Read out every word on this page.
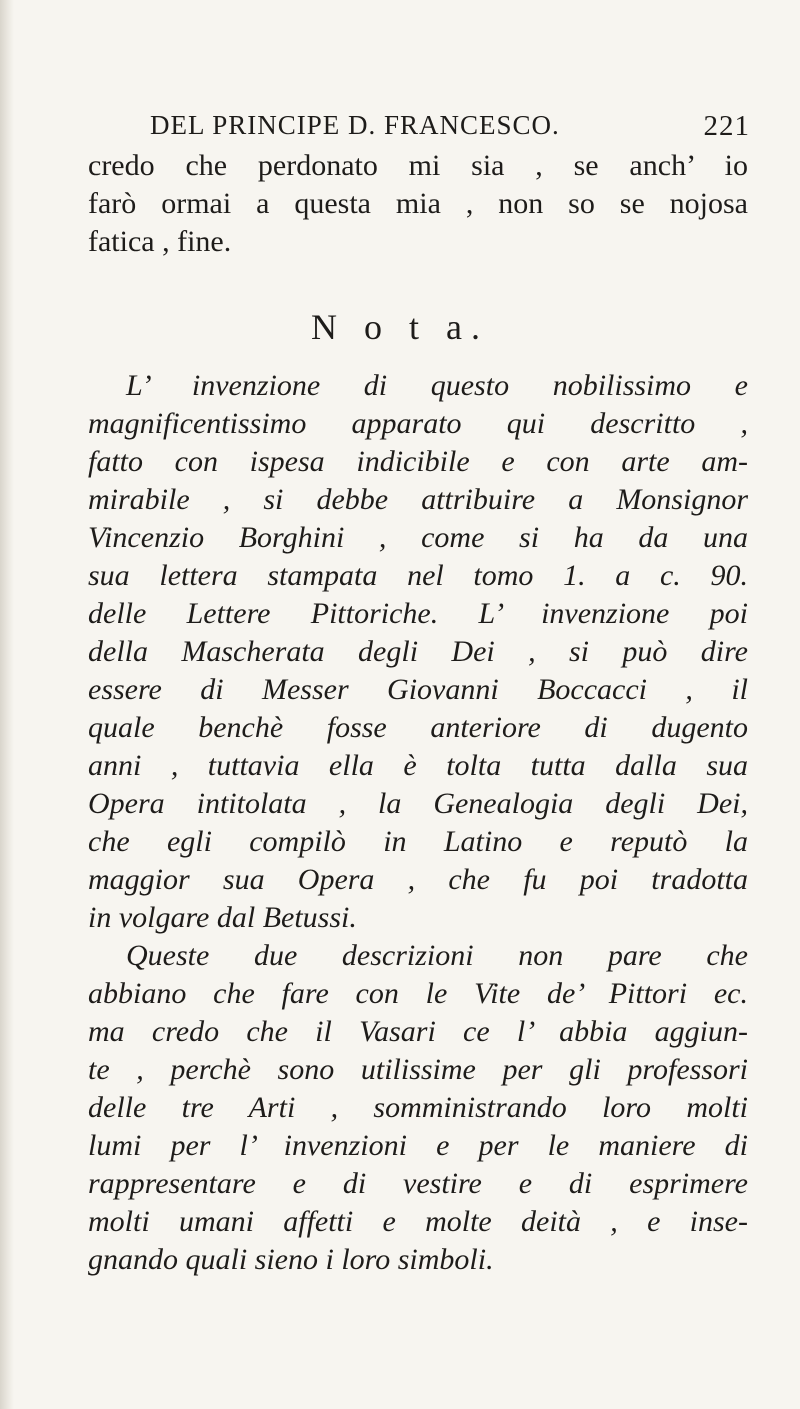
DEL PRINCIPE D. FRANCESCO.	221
credo che perdonato mi sia , se anch’ io
farò ormai a questa mia , non so se nojosa
fatica , fine.
N o t a.
L’ invenzione di questo nobilissimo e
magnificentissimo apparato qui descritto ,
fatto con ispesa indicibile e con arte am-
mirabile , si debbe attribuire a Monsignor
Vincenzio Borghini , come si ha da una
sua lettera stampata nel tomo 1. a c. 90.
delle Lettere Pittoriche. L’ invenzione poi
della Mascherata degli Dei , si può dire
essere di Messer Giovanni Boccacci , il
quale benchè fosse anteriore di dugento
anni , tuttavia ella è tolta tutta dalla sua
Opera intitolata , la Genealogia degli Dei,
che egli compilò in Latino e reputò la
maggior sua Opera , che fu poi tradotta
in volgare dal Betussi.
Queste due descrizioni non pare che
abbiano che fare con le Vite de’ Pittori ec.
ma credo che il Vasari ce l’ abbia aggiun-
te , perchè sono utilissime per gli professori
delle tre Arti , somministrando loro molti
lumi per l’ invenzioni e per le maniere di
rappresentare e di vestire e di esprimere
molti umani affetti e molte deità , e inse-
gnando quali sieno i loro simboli.
